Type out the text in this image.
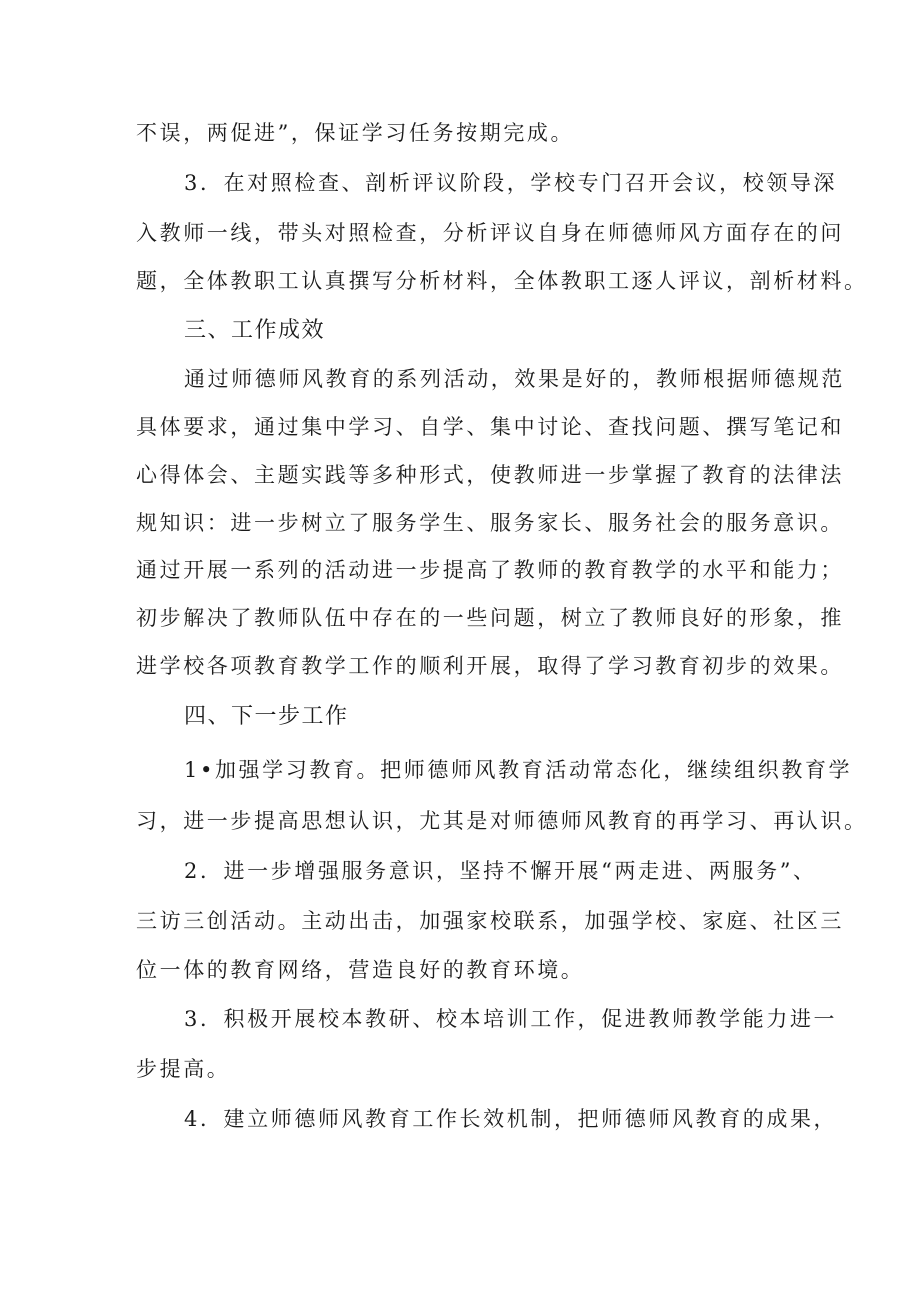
不误，两促进”，保证学习任务按期完成。
3．在对照检查、剖析评议阶段，学校专门召开会议，校领导深
入教师一线，带头对照检查，分析评议自身在师德师风方面存在的问
题，全体教职工认真撰写分析材料，全体教职工逐人评议，剖析材料。
三、工作成效
通过师德师风教育的系列活动，效果是好的，教师根据师德规范
具体要求，通过集中学习、自学、集中讨论、查找问题、撰写笔记和
心得体会、主题实践等多种形式，使教师进一步掌握了教育的法律法
规知识：进一步树立了服务学生、服务家长、服务社会的服务意识。
通过开展一系列的活动进一步提高了教师的教育教学的水平和能力；
初步解决了教师队伍中存在的一些问题，树立了教师良好的形象，推
进学校各项教育教学工作的顺利开展，取得了学习教育初步的效果。
四、下一步工作
1•加强学习教育。把师德师风教育活动常态化，继续组织教育学
习，进一步提高思想认识，尤其是对师德师风教育的再学习、再认识。
2．进一步增强服务意识，坚持不懈开展“两走进、两服务”、
三访三创活动。主动出击，加强家校联系，加强学校、家庭、社区三
位一体的教育网络，营造良好的教育环境。
3．积极开展校本教研、校本培训工作，促进教师教学能力进一
步提高。
4．建立师德师风教育工作长效机制，把师德师风教育的成果，
